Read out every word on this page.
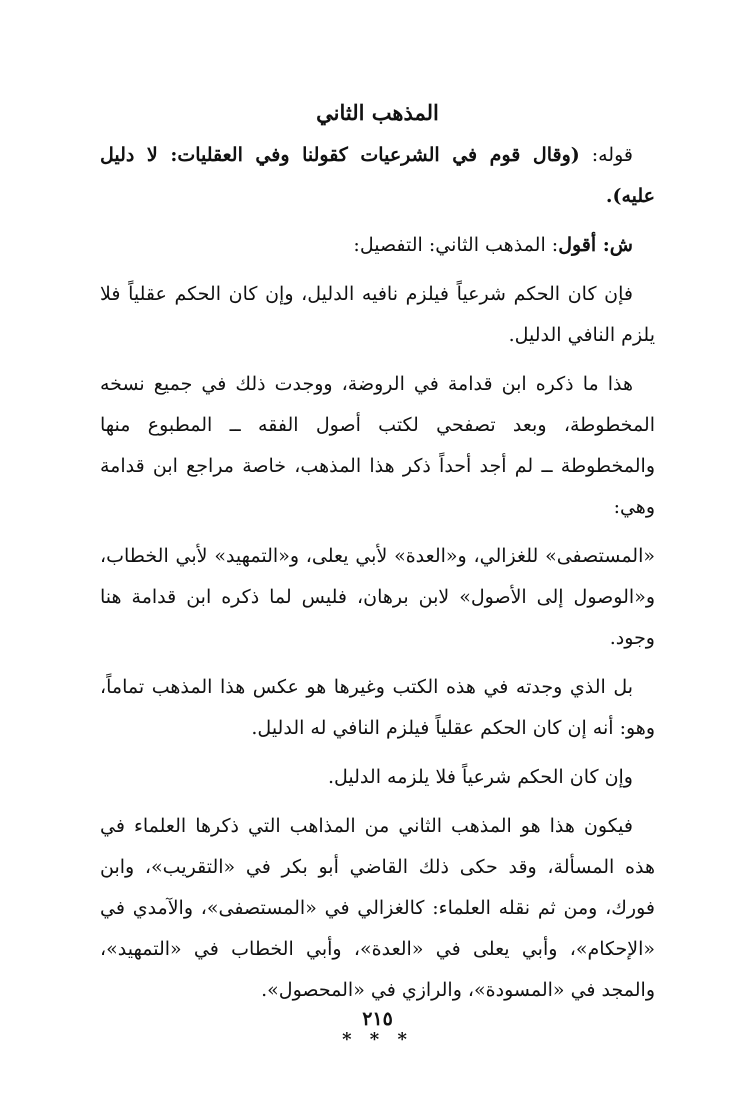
المذهب الثاني

قوله: (وقال قوم في الشرعيات كقولنا وفي العقليات: لا دليل عليه).

ش: أقول: المذهب الثاني: التفصيل:

فإن كان الحكم شرعياً فيلزم نافيه الدليل، وإن كان الحكم عقلياً فلا يلزم النافي الدليل.

هذا ما ذكره ابن قدامة في الروضة، ووجدت ذلك في جميع نسخه المخطوطة، وبعد تصفحي لكتب أصول الفقه ــ المطبوع منها والمخطوطة ــ لم أجد أحداً ذكر هذا المذهب، خاصة مراجع ابن قدامة وهي:

«المستصفى» للغزالي، و«العدة» لأبي يعلى، و«التمهيد» لأبي الخطاب، و«الوصول إلى الأصول» لابن برهان، فليس لما ذكره ابن قدامة هنا وجود.

بل الذي وجدته في هذه الكتب وغيرها هو عكس هذا المذهب تماماً، وهو: أنه إن كان الحكم عقلياً فيلزم النافي له الدليل.

وإن كان الحكم شرعياً فلا يلزمه الدليل.

فيكون هذا هو المذهب الثاني من المذاهب التي ذكرها العلماء في هذه المسألة، وقد حكى ذلك القاضي أبو بكر في «التقريب»، وابن فورك، ومن ثم نقله العلماء: كالغزالي في «المستصفى»، والآمدي في «الإحكام»، وأبي يعلى في «العدة»، وأبي الخطاب في «التمهيد»، والمجد في «المسودة»، والرازي في «المحصول».

* * *
٢١٥
